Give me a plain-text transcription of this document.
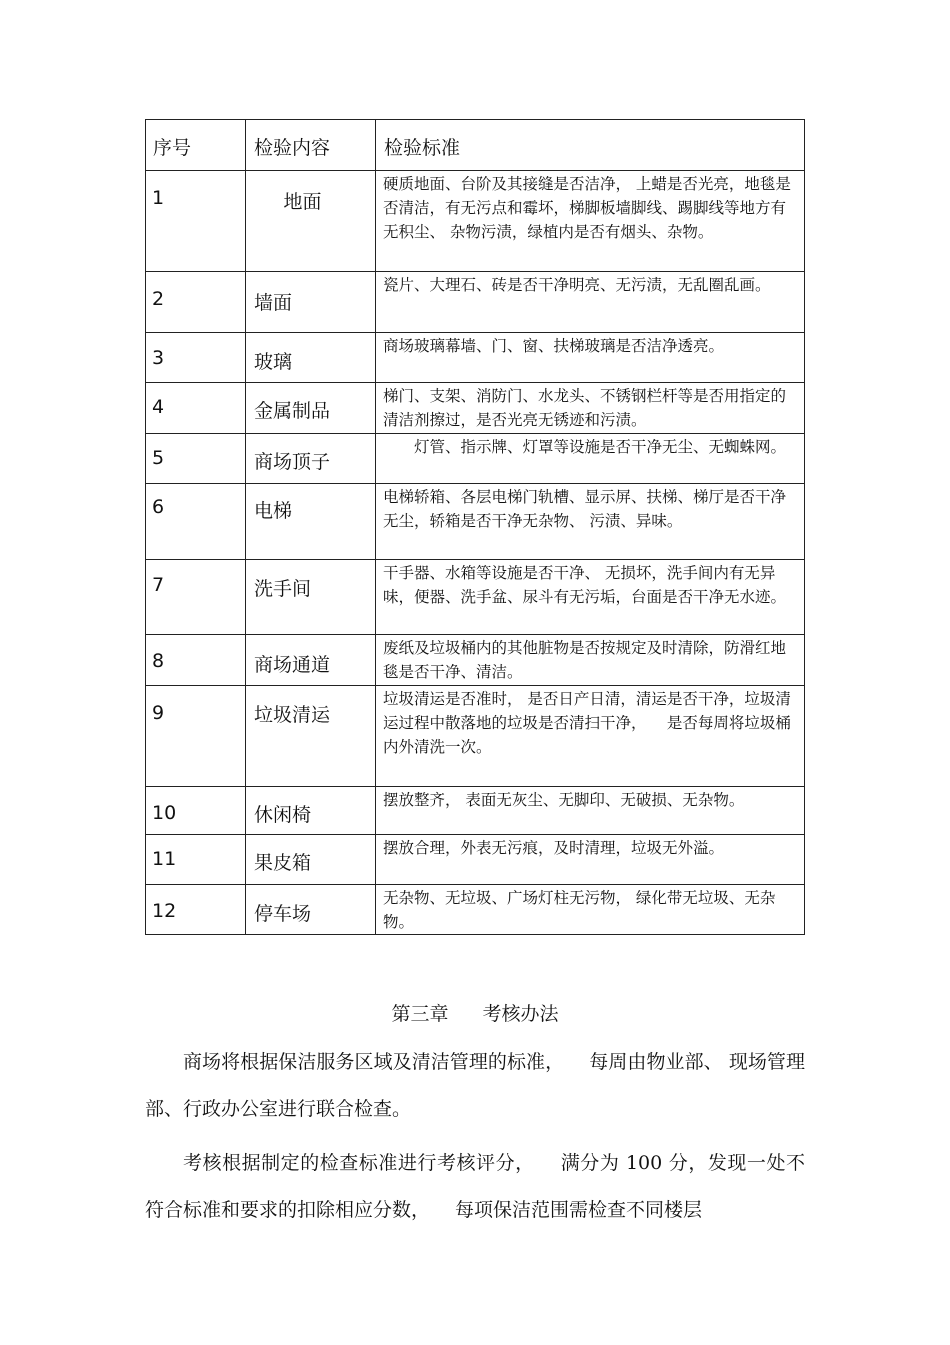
序号	检验内容	检验标准

1	地面	硬质地面、台阶及其接缝是否洁净， 上蜡是否光亮，地毯是否清洁，有无污点和霉坏，梯脚板墙脚线、踢脚线等地方有无积尘、 杂物污渍，绿植内是否有烟头、杂物。

2	墙面	瓷片、大理石、砖是否干净明亮、无污渍，无乱圈乱画。

3	玻璃	商场玻璃幕墙、门、窗、扶梯玻璃是否洁净透亮。

4	金属制品	梯门、支架、消防门、水龙头、不锈钢栏杆等是否用指定的清洁剂擦过，是否光亮无锈迹和污渍。

5	商场顶子	　　灯管、指示牌、灯罩等设施是否干净无尘、无蜘蛛网。

6	电梯	电梯轿箱、各层电梯门轨槽、显示屏、扶梯、梯厅是否干净无尘，轿箱是否干净无杂物、 污渍、异味。

7	洗手间	干手器、水箱等设施是否干净、 无损坏，洗手间内有无异味，便器、洗手盆、尿斗有无污垢，台面是否干净无水迹。

8	商场通道	废纸及垃圾桶内的其他脏物是否按规定及时清除，防滑红地毯是否干净、清洁。

9	垃圾清运	垃圾清运是否准时， 是否日产日清，清运是否干净，垃圾清运过程中散落地的垃圾是否清扫干净， 　是否每周将垃圾桶内外清洗一次。

10	休闲椅	摆放整齐， 表面无灰尘、无脚印、无破损、无杂物。

11	果皮箱	摆放合理，外表无污痕，及时清理，垃圾无外溢。

12	停车场	无杂物、无垃圾、广场灯柱无污物， 绿化带无垃圾、无杂物。
第三章 考核办法
商场将根据保洁服务区域及清洁管理的标准， 　每周由物业部、 现场管理部、行政办公室进行联合检查。
考核根据制定的检查标准进行考核评分， 　满分为 100 分，发现一处不符合标准和要求的扣除相应分数， 　每项保洁范围需检查不同楼层
